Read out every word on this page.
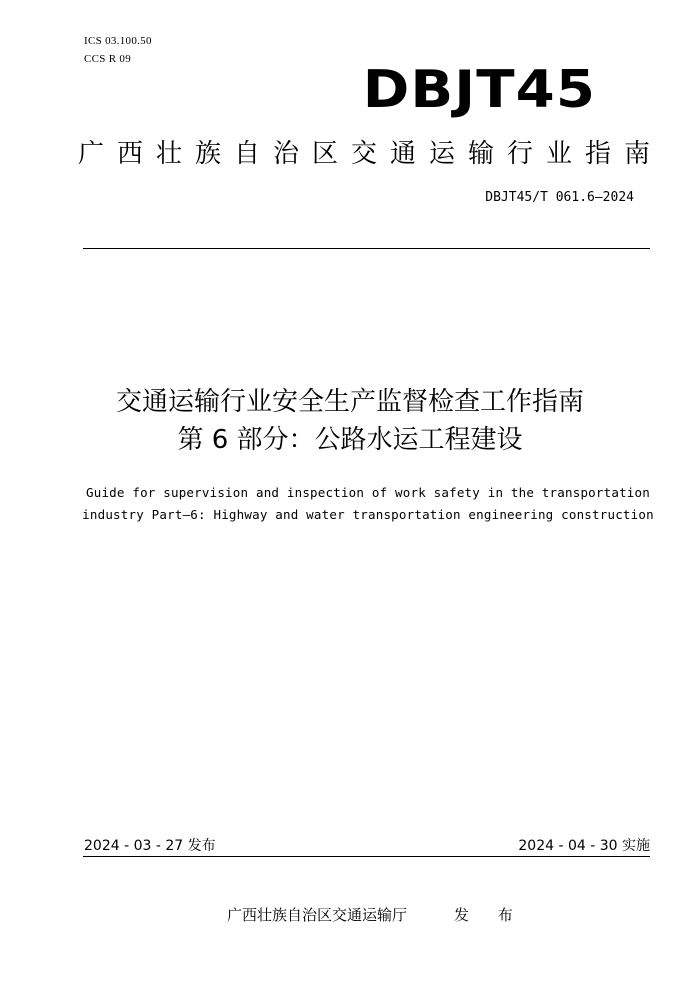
ICS 03.100.50
CCS R 09
DBJT45
广西壮族自治区交通运输行业指南
DBJT45/T 061.6—2024
交通运输行业安全生产监督检查工作指南
第 6 部分：公路水运工程建设
Guide for supervision and inspection of work safety in the transportation industry Part—6: Highway and water transportation engineering construction
2024 - 03 - 27 发布	2024 - 04 - 30 实施
广西壮族自治区交通运输厅	发 布
